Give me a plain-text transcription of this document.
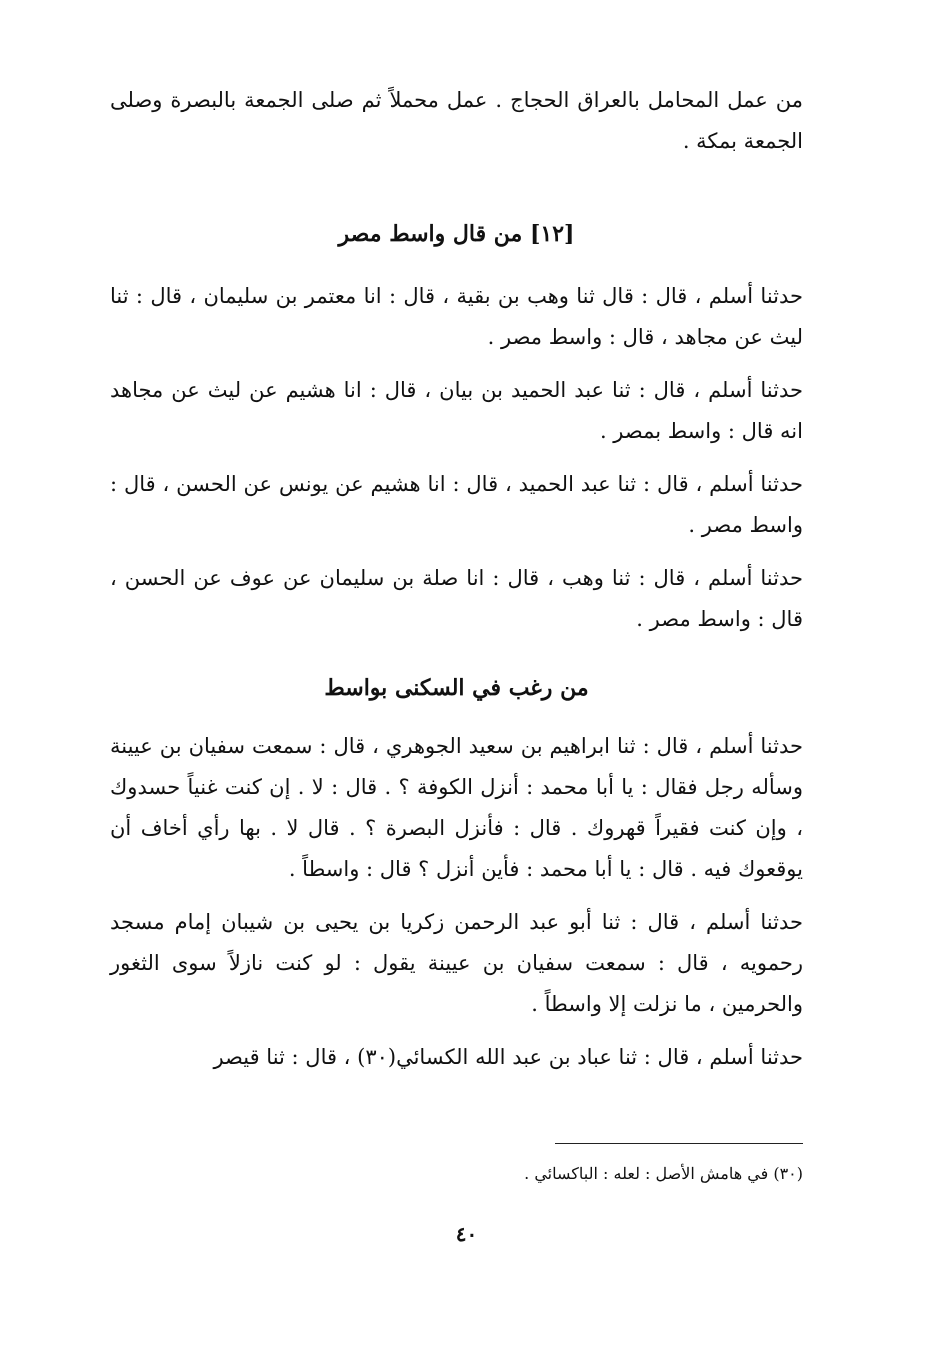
من عمل المحامل بالعراق الحجاج . عمل محملاً ثم صلى الجمعة بالبصرة وصلى الجمعة بمكة .

[١٢] من قال واسط مصر

حدثنا أسلم ، قال : قال ثنا وهب بن بقية ، قال : انا معتمر بن سليمان ، قال : ثنا ليث عن مجاهد ، قال : واسط مصر .

حدثنا أسلم ، قال : ثنا عبد الحميد بن بيان ، قال : انا هشيم عن ليث عن مجاهد انه قال : واسط بمصر .

حدثنا أسلم ، قال : ثنا عبد الحميد ، قال : انا هشيم عن يونس عن الحسن ، قال : واسط مصر .

حدثنا أسلم ، قال : ثنا وهب ، قال : انا صلة بن سليمان عن عوف عن الحسن ، قال : واسط مصر .

من رغب في السكنى بواسط

حدثنا أسلم ، قال : ثنا ابراهيم بن سعيد الجوهري ، قال : سمعت سفيان بن عيينة وسأله رجل فقال : يا أبا محمد : أنزل الكوفة ؟ . قال : لا . إن كنت غنياً حسدوك ، وإن كنت فقيراً قهروك . قال : فأنزل البصرة ؟ . قال لا . بها رأي أخاف أن يوقعوك فيه . قال : يا أبا محمد : فأين أنزل ؟ قال : واسطاً .

حدثنا أسلم ، قال : ثنا أبو عبد الرحمن زكريا بن يحيى بن شيبان إمام مسجد رحمويه ، قال : سمعت سفيان بن عيينة يقول : لو كنت نازلاً سوى الثغور والحرمين ، ما نزلت إلا واسطاً .

حدثنا أسلم ، قال : ثنا عباد بن عبد الله الكسائي(٣٠) ، قال : ثنا قيصر

(٣٠) في هامش الأصل : لعله : الباكسائي .
٤٠
